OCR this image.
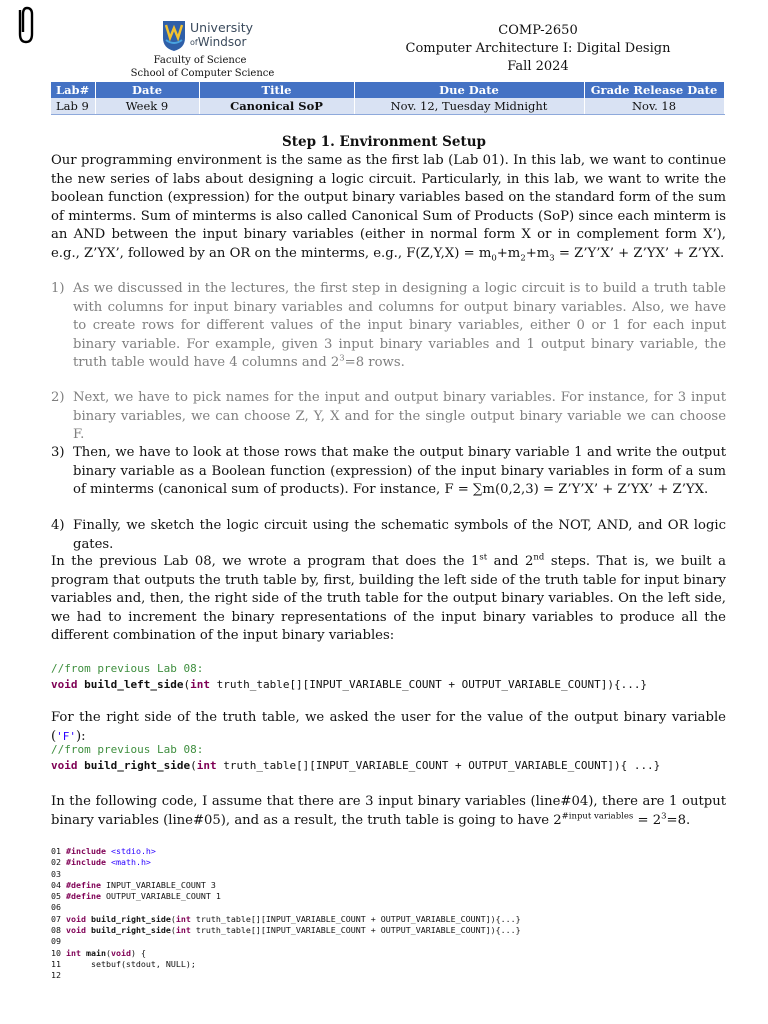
University
ofWindsor
Faculty of Science
School of Computer Science
COMP-2650
Computer Architecture I: Digital Design
Fall 2024
Lab#	Date	Title	Due Date	Grade Release Date
Lab 9	Week 9	Canonical SoP	Nov. 12, Tuesday Midnight	Nov. 18
Step 1. Environment Setup

Our programming environment is the same as the first lab (Lab 01). In this lab, we want to continue the new series of labs about designing a logic circuit. Particularly, in this lab, we want to write the boolean function (expression) for the output binary variables based on the standard form of the sum of minterms. Sum of minterms is also called Canonical Sum of Products (SoP) since each minterm is an AND between the input binary variables (either in normal form X or in complement form X’), e.g., Z’YX’, followed by an OR on the minterms, e.g., $F(Z,Y,X) = m_0+m_2+m_3$ = Z’Y’X’ + Z’YX’ + Z’YX.

1) As we discussed in the lectures, the first step in designing a logic circuit is to build a truth table with columns for input binary variables and columns for output binary variables. Also, we have to create rows for different values of the input binary variables, either 0 or 1 for each input binary variable. For example, given 3 input binary variables and 1 output binary variable, the truth table would have 4 columns and $2^3=8$ rows.
2) Next, we have to pick names for the input and output binary variables. For instance, for 3 input binary variables, we can choose Z, Y, X and for the single output binary variable we can choose F.
3) Then, we have to look at those rows that make the output binary variable 1 and write the output binary variable as a Boolean function (expression) of the input binary variables in form of a sum of minterms (canonical sum of products). For instance, F = ∑m(0,2,3) = Z’Y’X’ + Z’YX’ + Z’YX.
4) Finally, we sketch the logic circuit using the schematic symbols of the NOT, AND, and OR logic gates.

In the previous Lab 08, we wrote a program that does the 1st and 2nd steps. That is, we built a program that outputs the truth table by, first, building the left side of the truth table for input binary variables and, then, the right side of the truth table for the output binary variables. On the left side, we had to increment the binary representations of the input binary variables to produce all the different combination of the input binary variables:

//from previous Lab 08:
void build_left_side(int truth_table[][INPUT_VARIABLE_COUNT + OUTPUT_VARIABLE_COUNT]){...}

For the right side of the truth table, we asked the user for the value of the output binary variable ('F'):

//from previous Lab 08:
void build_right_side(int truth_table[][INPUT_VARIABLE_COUNT + OUTPUT_VARIABLE_COUNT]){ ...}

In the following code, I assume that there are 3 input binary variables (line#04), there are 1 output binary variables (line#05), and as a result, the truth table is going to have $2^{\#input variables} = 2^3=8$.

01 #include <stdio.h>
02 #include <math.h>
03
04 #define INPUT_VARIABLE_COUNT 3
05 #define OUTPUT_VARIABLE_COUNT 1
06
07 void build_right_side(int truth_table[][INPUT_VARIABLE_COUNT + OUTPUT_VARIABLE_COUNT]){...}
08 void build_right_side(int truth_table[][INPUT_VARIABLE_COUNT + OUTPUT_VARIABLE_COUNT]){...}
09
10 int main(void) {
11      setbuf(stdout, NULL);
12
